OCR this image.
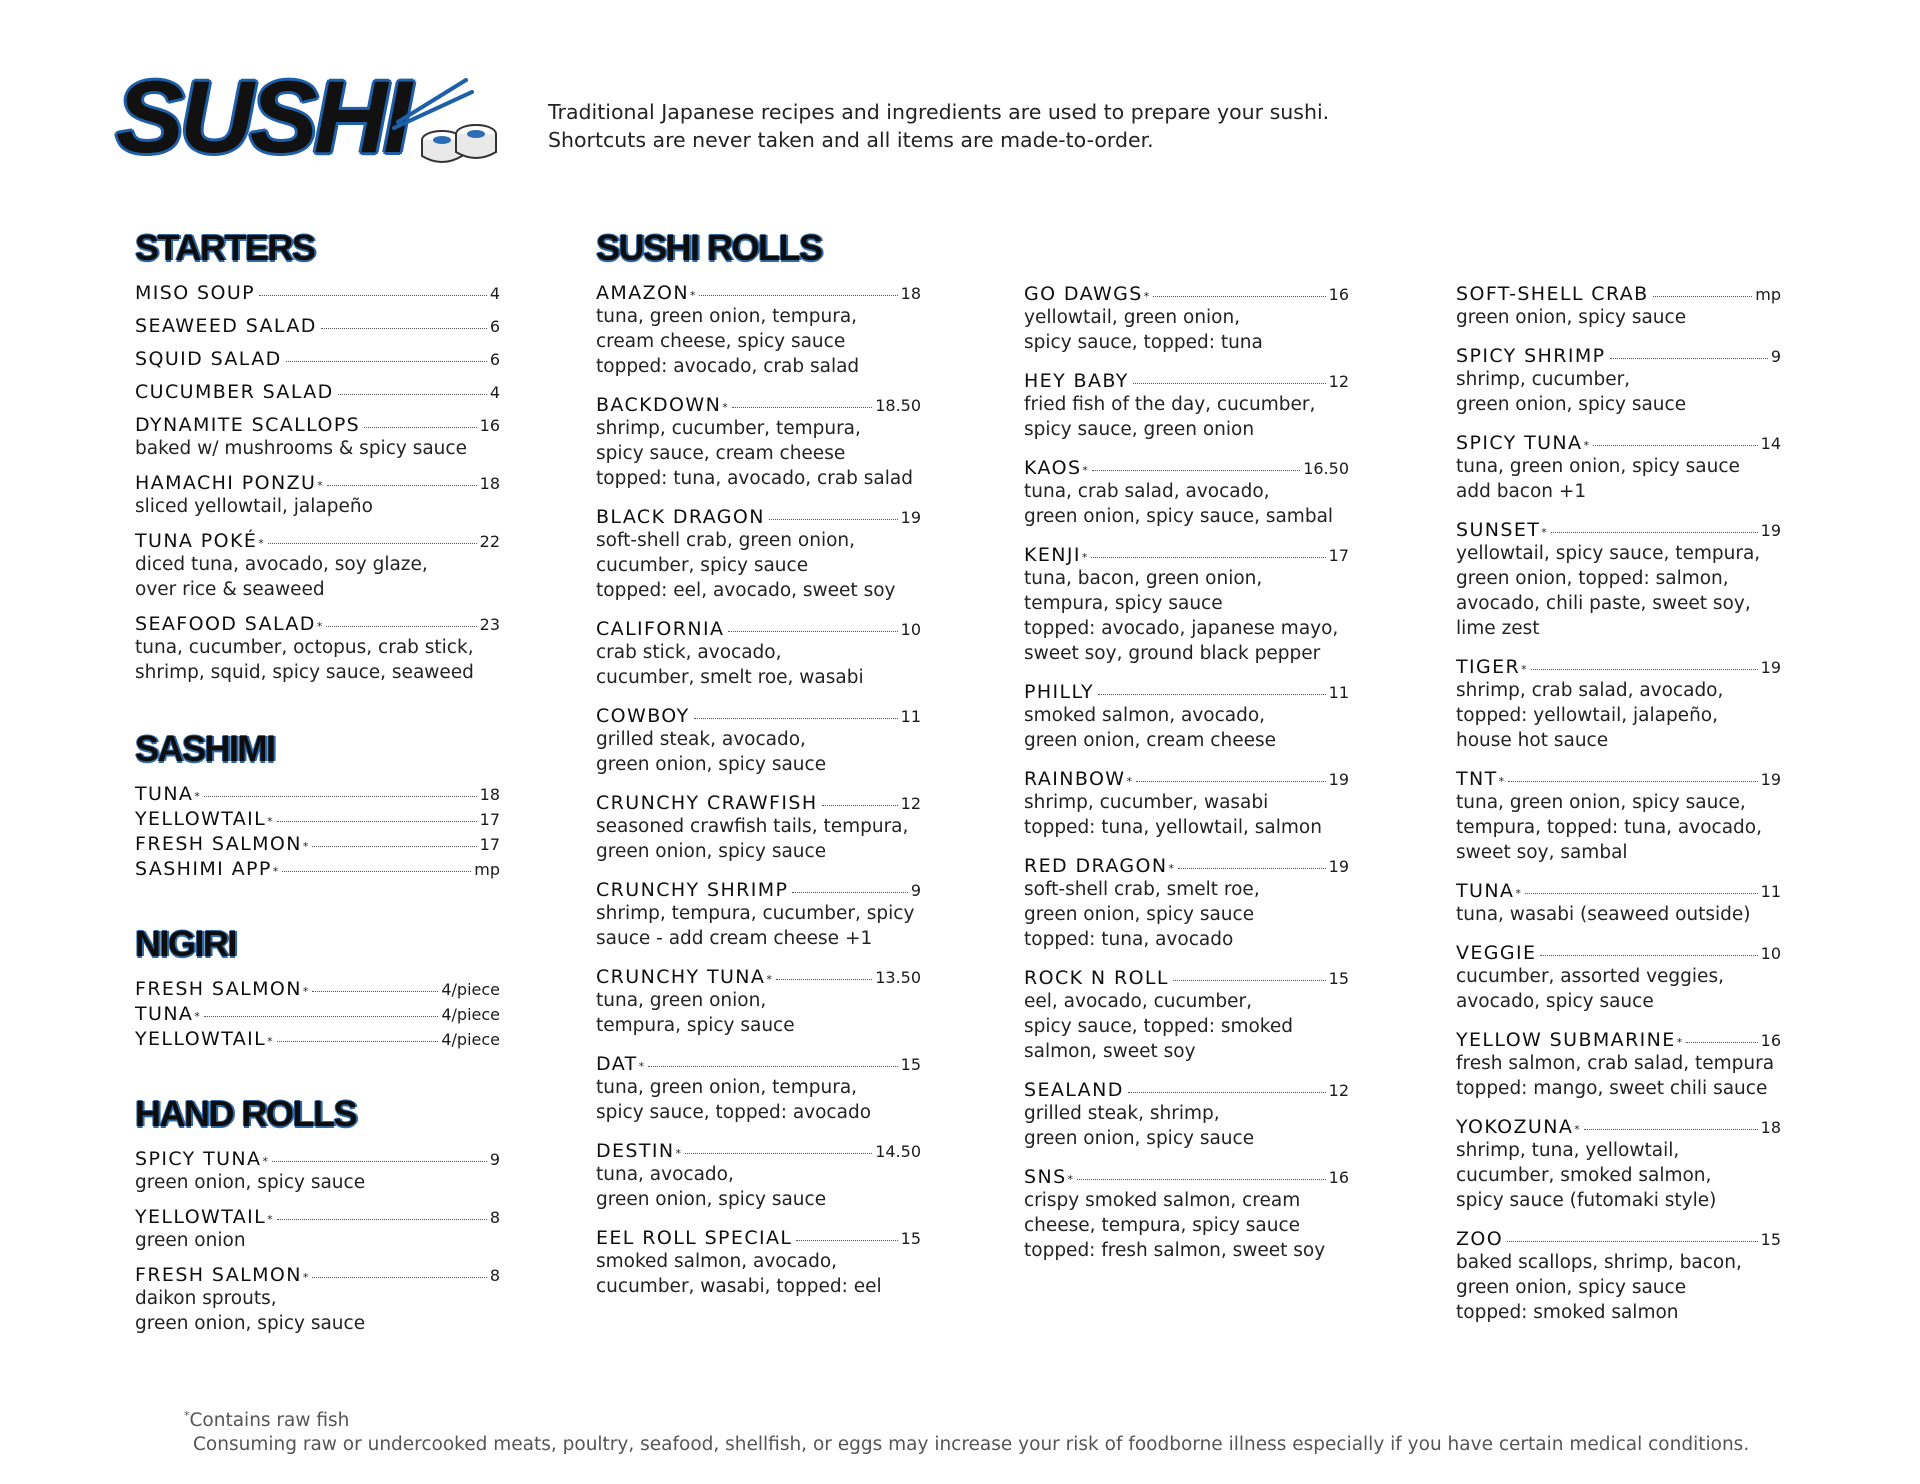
SUSHI	Traditional Japanese recipes and ingredients are used to prepare your sushi.
Shortcuts are never taken and all items are made-to-order.
STARTERS
MISO SOUP	4
SEAWEED SALAD	6
SQUID SALAD	6
CUCUMBER SALAD	4
DYNAMITE SCALLOPS	16
baked w/ mushrooms & spicy sauce
HAMACHI PONZU *	18
sliced yellowtail, jalapeño
TUNA POKÉ *	22
diced tuna, avocado, soy glaze,
over rice & seaweed
SEAFOOD SALAD *	23
tuna, cucumber, octopus, crab stick,
shrimp, squid, spicy sauce, seaweed
SASHIMI
TUNA *	18
YELLOWTAIL *	17
FRESH SALMON *	17
SASHIMI APP *	mp
NIGIRI
FRESH SALMON *	4/piece
TUNA *	4/piece
YELLOWTAIL *	4/piece
HAND ROLLS
SPICY TUNA *	9
green onion, spicy sauce
YELLOWTAIL *	8
green onion
FRESH SALMON *	8
daikon sprouts,
green onion, spicy sauce
SUSHI ROLLS
AMAZON *	18
tuna, green onion, tempura,
cream cheese, spicy sauce
topped: avocado, crab salad
BACKDOWN *	18.50
shrimp, cucumber, tempura,
spicy sauce, cream cheese
topped: tuna, avocado, crab salad
BLACK DRAGON	19
soft-shell crab, green onion,
cucumber, spicy sauce
topped: eel, avocado, sweet soy
CALIFORNIA	10
crab stick, avocado,
cucumber, smelt roe, wasabi
COWBOY	11
grilled steak, avocado,
green onion, spicy sauce
CRUNCHY CRAWFISH	12
seasoned crawfish tails, tempura,
green onion, spicy sauce
CRUNCHY SHRIMP	9
shrimp, tempura, cucumber, spicy
sauce - add cream cheese +1
CRUNCHY TUNA *	13.50
tuna, green onion,
tempura, spicy sauce
DAT *	15
tuna, green onion, tempura,
spicy sauce, topped: avocado
DESTIN *	14.50
tuna, avocado,
green onion, spicy sauce
EEL ROLL SPECIAL	15
smoked salmon, avocado,
cucumber, wasabi, topped: eel
GO DAWGS *	16
yellowtail, green onion,
spicy sauce, topped: tuna
HEY BABY	12
fried fish of the day, cucumber,
spicy sauce, green onion
KAOS *	16.50
tuna, crab salad, avocado,
green onion, spicy sauce, sambal
KENJI *	17
tuna, bacon, green onion,
tempura, spicy sauce
topped: avocado, japanese mayo,
sweet soy, ground black pepper
PHILLY	11
smoked salmon, avocado,
green onion, cream cheese
RAINBOW *	19
shrimp, cucumber, wasabi
topped: tuna, yellowtail, salmon
RED DRAGON *	19
soft-shell crab, smelt roe,
green onion, spicy sauce
topped: tuna, avocado
ROCK N ROLL	15
eel, avocado, cucumber,
spicy sauce, topped: smoked
salmon, sweet soy
SEALAND	12
grilled steak, shrimp,
green onion, spicy sauce
SNS *	16
crispy smoked salmon, cream
cheese, tempura, spicy sauce
topped: fresh salmon, sweet soy
SOFT-SHELL CRAB	mp
green onion, spicy sauce
SPICY SHRIMP	9
shrimp, cucumber,
green onion, spicy sauce
SPICY TUNA *	14
tuna, green onion, spicy sauce
add bacon +1
SUNSET *	19
yellowtail, spicy sauce, tempura,
green onion, topped: salmon,
avocado, chili paste, sweet soy,
lime zest
TIGER *	19
shrimp, crab salad, avocado,
topped: yellowtail, jalapeño,
house hot sauce
TNT *	19
tuna, green onion, spicy sauce,
tempura, topped: tuna, avocado,
sweet soy, sambal
TUNA *	11
tuna, wasabi (seaweed outside)
VEGGIE	10
cucumber, assorted veggies,
avocado, spicy sauce
YELLOW SUBMARINE *	16
fresh salmon, crab salad, tempura
topped: mango, sweet chili sauce
YOKOZUNA *	18
shrimp, tuna, yellowtail,
cucumber, smoked salmon,
spicy sauce (futomaki style)
ZOO	15
baked scallops, shrimp, bacon,
green onion, spicy sauce
topped: smoked salmon
*Contains raw fish
Consuming raw or undercooked meats, poultry, seafood, shellfish, or eggs may increase your risk of foodborne illness especially if you have certain medical conditions.
